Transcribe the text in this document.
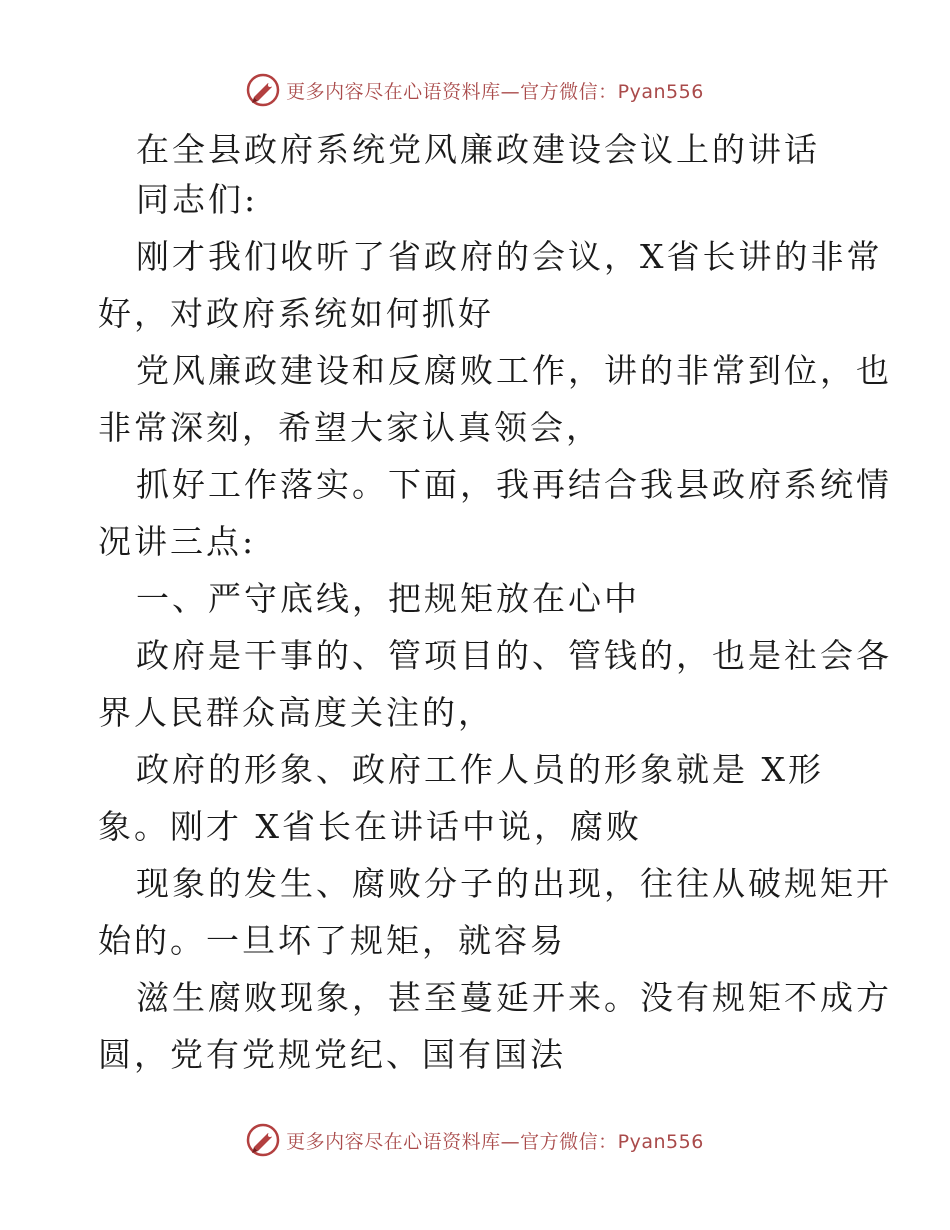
更多内容尽在心语资料库—官方微信：Pyan556
在全县政府系统党风廉政建设会议上的讲话
同志们:
刚才我们收听了省政府的会议，X省长讲的非常
好，对政府系统如何抓好
党风廉政建设和反腐败工作，讲的非常到位，也
非常深刻，希望大家认真领会，
抓好工作落实。下面，我再结合我县政府系统情
况讲三点:
一、严守底线，把规矩放在心中
政府是干事的、管项目的、管钱的，也是社会各
界人民群众高度关注的，
政府的形象、政府工作人员的形象就是 X形
象。刚才 X省长在讲话中说，腐败
现象的发生、腐败分子的出现，往往从破规矩开
始的。一旦坏了规矩，就容易
滋生腐败现象，甚至蔓延开来。没有规矩不成方
圆，党有党规党纪、国有国法
更多内容尽在心语资料库—官方微信：Pyan556
